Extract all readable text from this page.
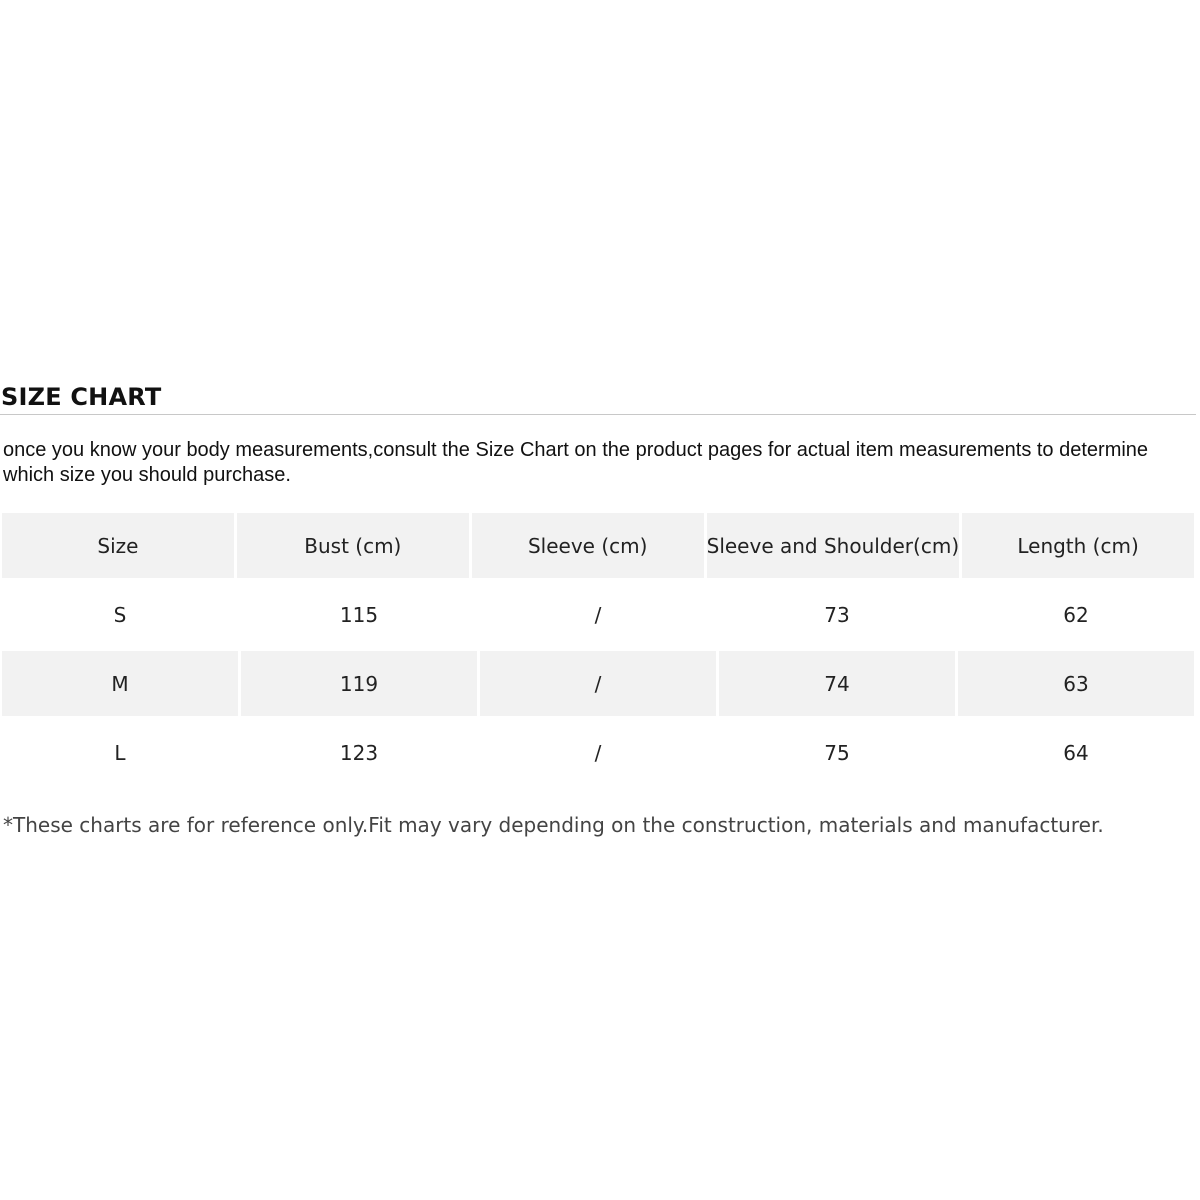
SIZE CHART

once you know your body measurements,consult the Size Chart on the product pages for actual item measurements to determine which size you should purchase.

Size	Bust (cm)	Sleeve (cm)	Sleeve and Shoulder(cm)	Length (cm)
S	115	/	73	62
M	119	/	74	63
L	123	/	75	64

*These charts are for reference only.Fit may vary depending on the construction, materials and manufacturer.
